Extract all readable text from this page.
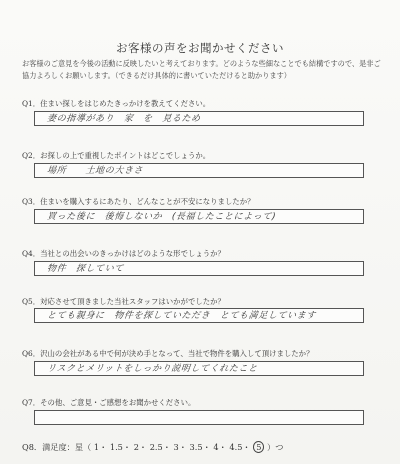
お客様の声をお聞かせください
お客様のご意見を今後の活動に反映したいと考えております。どのような些細なことでも結構ですので、是非ご協力よろしくお願いします。（できるだけ具体的に書いていただけると助かります）
Q1．住まい探しをはじめたきっかけを教えてください。
妻の指導があり　家　を　見るため
Q2．お探しの上で重視したポイントはどこでしょうか。
場所　　土地の大きさ
Q3．住まいを購入するにあたり、どんなことが不安になりましたか？
買った後に　後悔しないか　(長福したことによって)
Q4．当社との出会いのきっかけはどのような形でしょうか？
物件　探していて
Q5．対応させて頂きました当社スタッフはいかがでしたか？
とても親身に　物件を探していただき　とても満足しています
Q6．沢山の会社がある中で何が決め手となって、当社で物件を購入して頂けましたか？
リスクとメリットをしっかり説明してくれたこと
Q7．その他、ご意見・ご感想をお聞かせください。
Q8．満足度：星（ 1・ 1.5・ 2・ 2.5・ 3・ 3.5・ 4・ 4.5・ 5 ）つ
